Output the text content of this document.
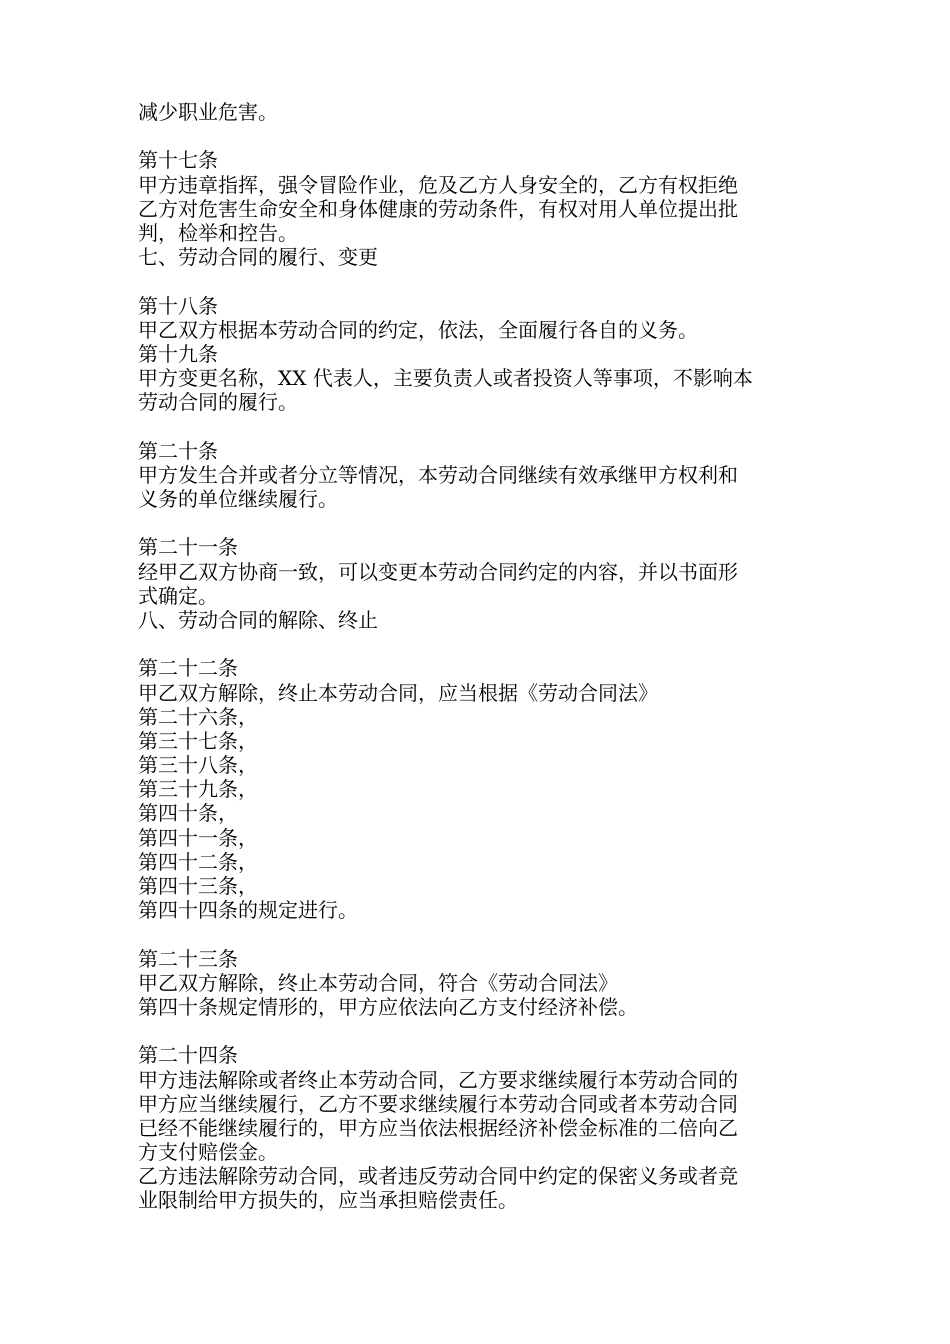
减少职业危害。
第十七条
甲方违章指挥，强令冒险作业，危及乙方人身安全的，乙方有权拒绝
乙方对危害生命安全和身体健康的劳动条件，有权对用人单位提出批
判，检举和控告。
七、劳动合同的履行、变更
第十八条
甲乙双方根据本劳动合同的约定，依法，全面履行各自的义务。
第十九条
甲方变更名称，XX 代表人，主要负责人或者投资人等事项，不影响本
劳动合同的履行。
第二十条
甲方发生合并或者分立等情况，本劳动合同继续有效承继甲方权利和
义务的单位继续履行。
第二十一条
经甲乙双方协商一致，可以变更本劳动合同约定的内容，并以书面形
式确定。
八、劳动合同的解除、终止
第二十二条
甲乙双方解除，终止本劳动合同，应当根据《劳动合同法》
第二十六条，
第三十七条，
第三十八条，
第三十九条，
第四十条，
第四十一条，
第四十二条，
第四十三条，
第四十四条的规定进行。
第二十三条
甲乙双方解除，终止本劳动合同，符合《劳动合同法》
第四十条规定情形的，甲方应依法向乙方支付经济补偿。
第二十四条
甲方违法解除或者终止本劳动合同，乙方要求继续履行本劳动合同的
甲方应当继续履行，乙方不要求继续履行本劳动合同或者本劳动合同
已经不能继续履行的，甲方应当依法根据经济补偿金标准的二倍向乙
方支付赔偿金。
乙方违法解除劳动合同，或者违反劳动合同中约定的保密义务或者竞
业限制给甲方损失的，应当承担赔偿责任。
